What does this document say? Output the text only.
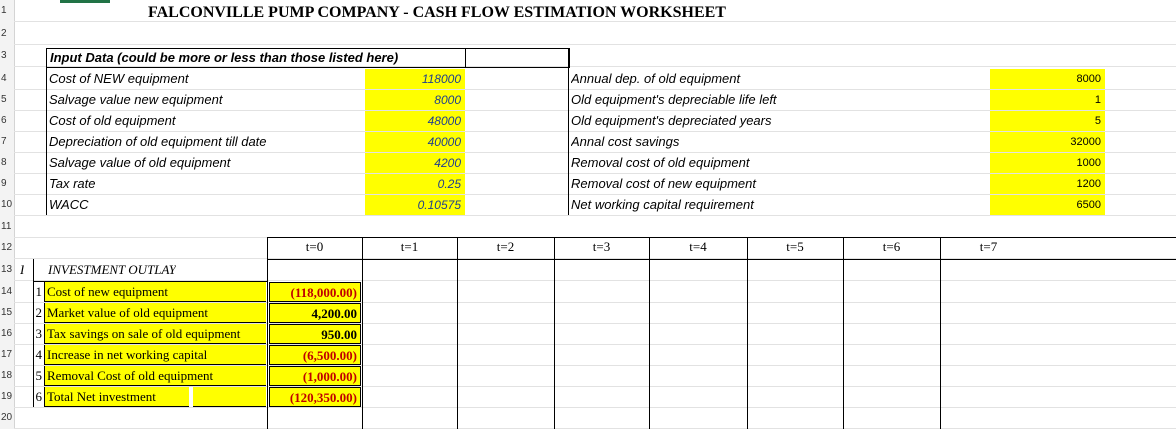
1
2
3
4
5
6
7
8
9
10
11
12
13
14
15
16
17
18
19
20
FALCONVILLE PUMP COMPANY - CASH FLOW ESTIMATION WORKSHEET
Input Data (could be more or less than those listed here)
Cost of NEW equipment	118000
Salvage value new equipment	8000
Cost of old equipment	48000
Depreciation of old equipment till date	40000
Salvage value of old equipment	4200
Tax rate	0.25
WACC	0.10575
Annual dep. of old equipment	8000
Old equipment's depreciable life left	1
Old equipment's depreciated years	5
Annal cost savings	32000
Removal cost of old equipment	1000
Removal cost of new equipment	1200
Net working capital requirement	6500
t=0	t=1	t=2	t=3	t=4	t=5	t=6	t=7
I INVESTMENT OUTLAY
1 Cost of new equipment	(118,000.00)
2 Market value of old equipment	4,200.00
3 Tax savings on sale of old equipment	950.00
4 Increase in net working capital	(6,500.00)
5 Removal Cost of old equipment	(1,000.00)
6 Total Net investment	(120,350.00)
